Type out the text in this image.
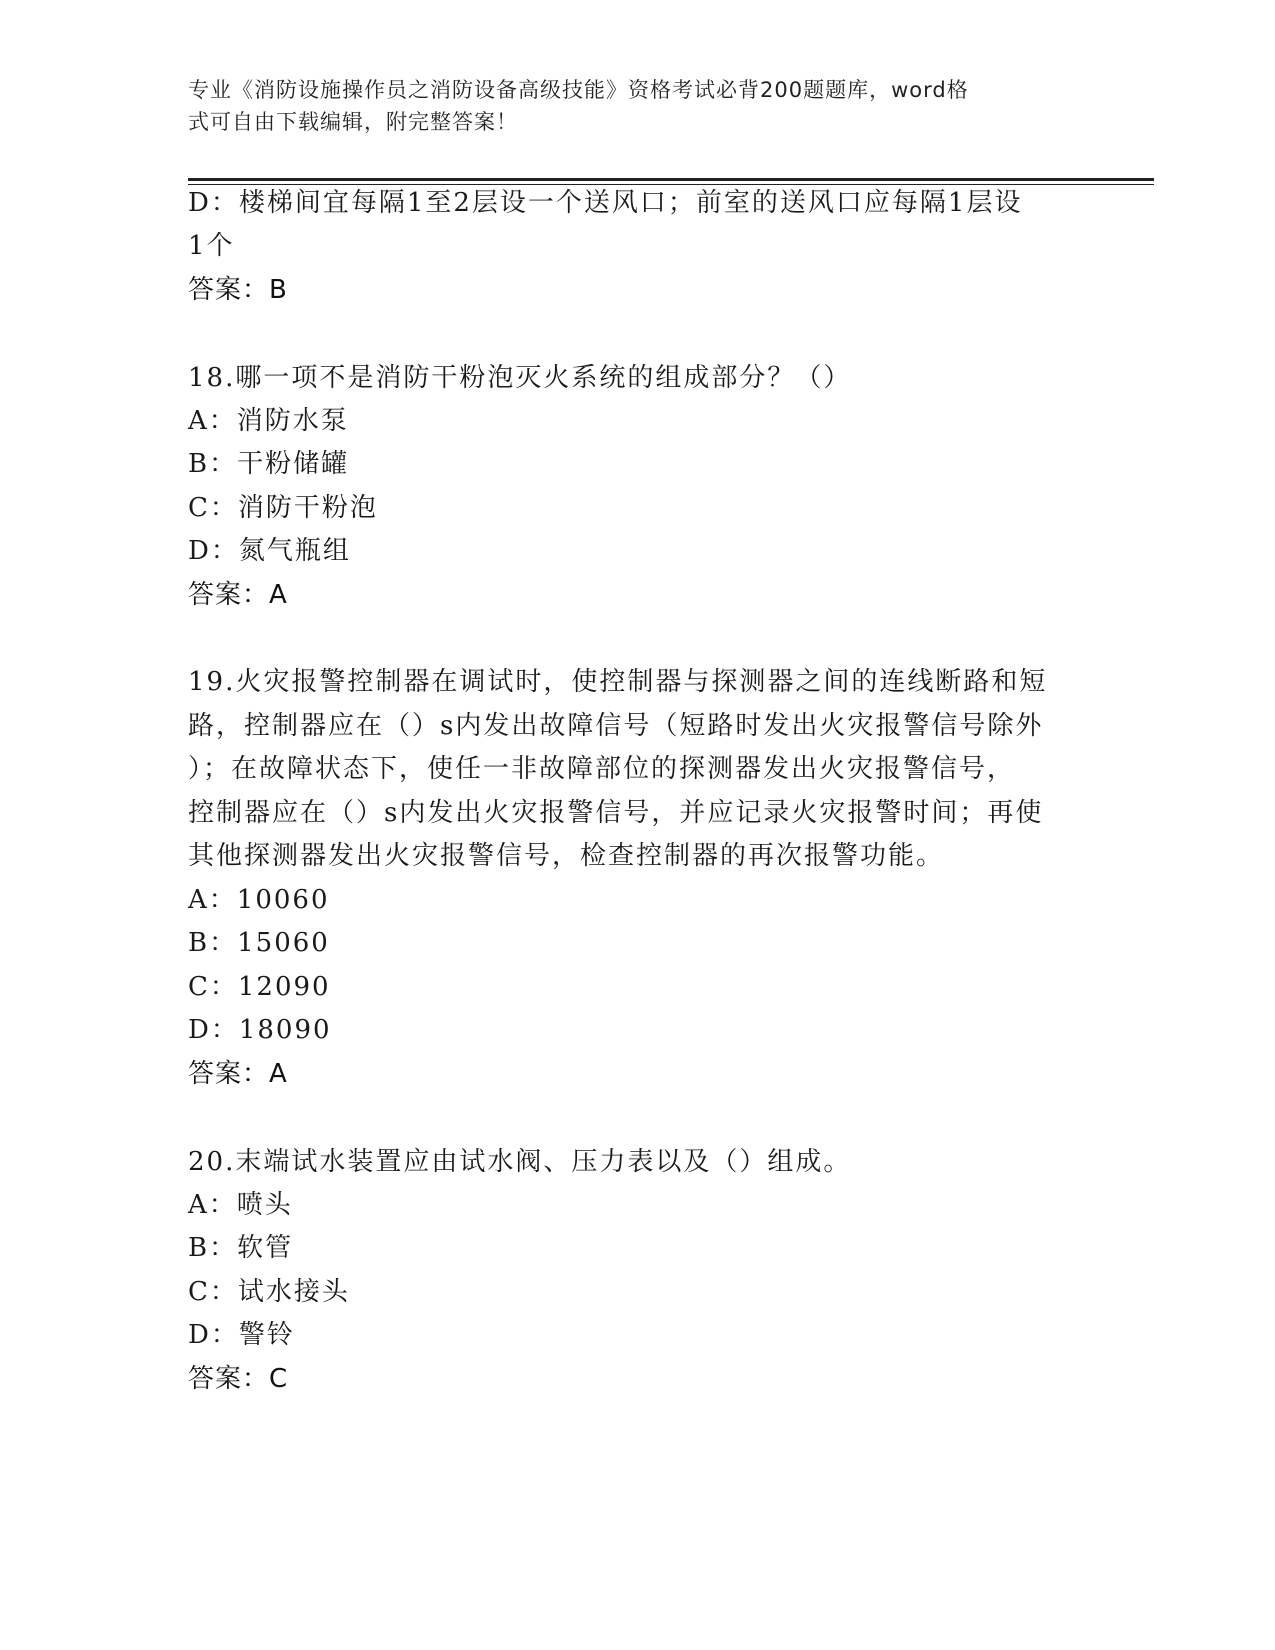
专业《消防设施操作员之消防设备高级技能》资格考试必背200题题库，word格
式可自由下载编辑，附完整答案！
D：楼梯间宜每隔1至2层设一个送风口；前室的送风口应每隔1层设
1个
答案：B
18.哪一项不是消防干粉泡灭火系统的组成部分？（）
A：消防水泵
B：干粉储罐
C：消防干粉泡
D：氮气瓶组
答案：A
19.火灾报警控制器在调试时，使控制器与探测器之间的连线断路和短
路，控制器应在（）s内发出故障信号（短路时发出火灾报警信号除外
）；在故障状态下，使任一非故障部位的探测器发出火灾报警信号，
控制器应在（）s内发出火灾报警信号，并应记录火灾报警时间；再使
其他探测器发出火灾报警信号，检查控制器的再次报警功能。
A：10060
B：15060
C：12090
D：18090
答案：A
20.末端试水装置应由试水阀、压力表以及（）组成。
A：喷头
B：软管
C：试水接头
D：警铃
答案：C
